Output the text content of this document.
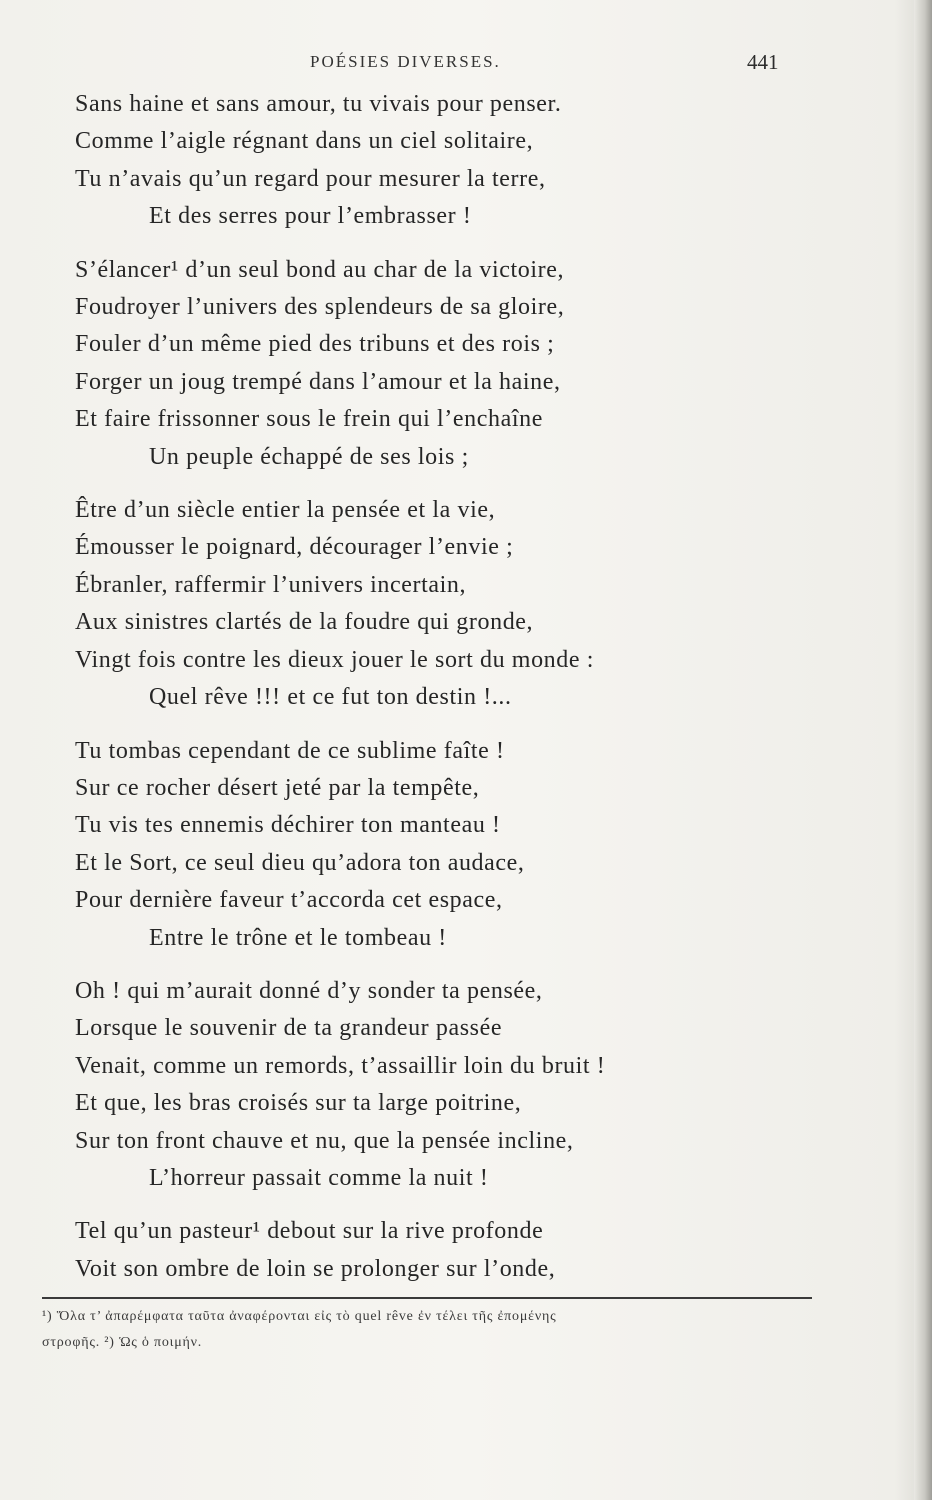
POÉSIES DIVERSES.	441
Sans haine et sans amour, tu vivais pour penser.
Comme l’aigle régnant dans un ciel solitaire,
Tu n’avais qu’un regard pour mesurer la terre,
Et des serres pour l’embrasser !
S’élancer¹ d’un seul bond au char de la victoire,
Foudroyer l’univers des splendeurs de sa gloire,
Fouler d’un même pied des tribuns et des rois ;
Forger un joug trempé dans l’amour et la haine,
Et faire frissonner sous le frein qui l’enchaîne
Un peuple échappé de ses lois ;
Être d’un siècle entier la pensée et la vie,
Émousser le poignard, décourager l’envie ;
Ébranler, raffermir l’univers incertain,
Aux sinistres clartés de la foudre qui gronde,
Vingt fois contre les dieux jouer le sort du monde :
Quel rêve !!! et ce fut ton destin !...
Tu tombas cependant de ce sublime faîte !
Sur ce rocher désert jeté par la tempête,
Tu vis tes ennemis déchirer ton manteau !
Et le Sort, ce seul dieu qu’adora ton audace,
Pour dernière faveur t’accorda cet espace,
Entre le trône et le tombeau !
Oh ! qui m’aurait donné d’y sonder ta pensée,
Lorsque le souvenir de ta grandeur passée
Venait, comme un remords, t’assaillir loin du bruit !
Et que, les bras croisés sur ta large poitrine,
Sur ton front chauve et nu, que la pensée incline,
L’horreur passait comme la nuit !
Tel qu’un pasteur¹ debout sur la rive profonde
Voit son ombre de loin se prolonger sur l’onde,
¹) Ὅλα τ’ ἀπαρέμφατα ταῦτα ἀναφέρονται εἰς τὸ quel rêve ἐν τέλει τῆς ἐπομένης
στροφῆς. ²) Ὡς ὁ ποιμήν.
